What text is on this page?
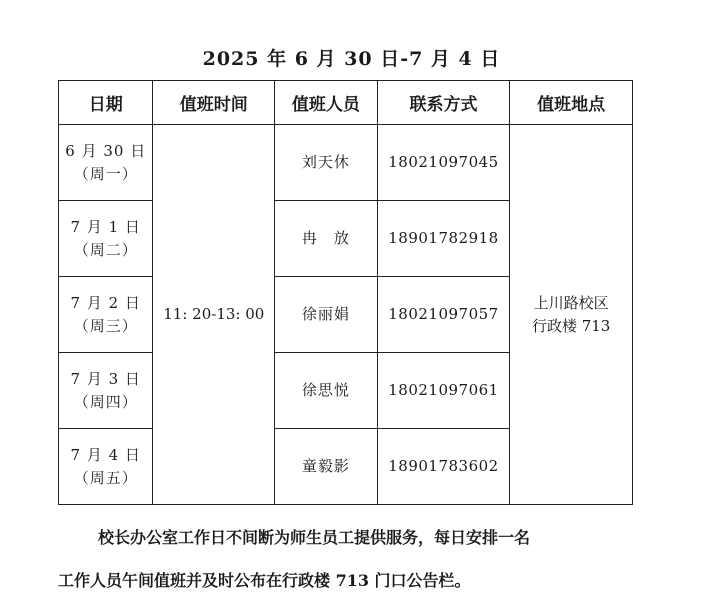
2025 年 6 月 30 日-7 月 4 日
日期	值班时间	值班人员	联系方式	值班地点

6 月 30 日
（周一）	11: 20-13: 00	刘天休	18021097045	上川路校区
行政楼 713

7 月 1 日
（周二）		冉　放	18901782918	

7 月 2 日
（周三）		徐丽娟	18021097057	

7 月 3 日
（周四）		徐思悦	18021097061	

7 月 4 日
（周五）		童毅影	18901783602	
校长办公室工作日不间断为师生员工提供服务，每日安排一名
工作人员午间值班并及时公布在行政楼 713 门口公告栏。
